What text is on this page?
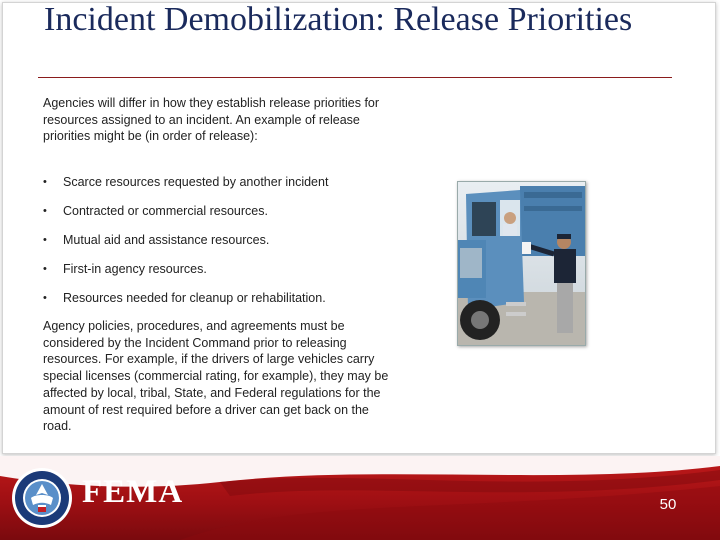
Incident Demobilization: Release Priorities

Agencies will differ in how they establish release priorities for resources assigned to an incident. An example of release priorities might be (in order of release):

• Scarce resources requested by another incident
• Contracted or commercial resources.
• Mutual aid and assistance resources.
• First-in agency resources.
• Resources needed for cleanup or rehabilitation.

Agency policies, procedures, and agreements must be considered by the Incident Command prior to releasing resources. For example, if the drivers of large vehicles carry special licenses (commercial rating, for example), they may be affected by local, tribal, State, and Federal regulations for the amount of rest required before a driver can get back on the road.

FEMA	50
